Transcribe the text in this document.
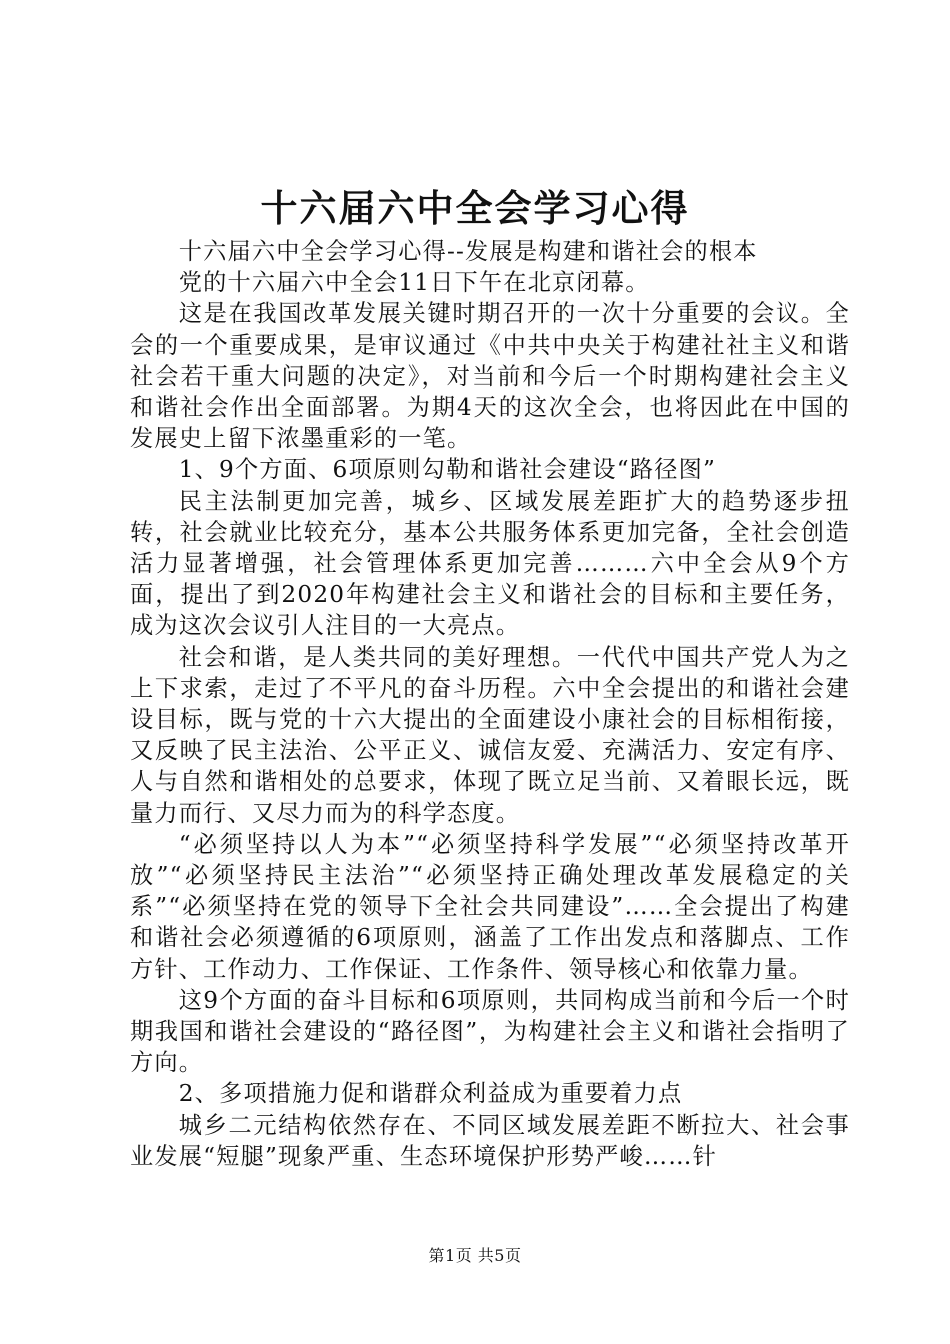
十六届六中全会学习心得

十六届六中全会学习心得--发展是构建和谐社会的根本

党的十六届六中全会11日下午在北京闭幕。

这是在我国改革发展关键时期召开的一次十分重要的会议。全会的一个重要成果，是审议通过《中共中央关于构建社社主义和谐社会若干重大问题的决定》，对当前和今后一个时期构建社会主义和谐社会作出全面部署。为期4天的这次全会，也将因此在中国的发展史上留下浓墨重彩的一笔。

1、9个方面、6项原则勾勒和谐社会建设“路径图”

民主法制更加完善，城乡、区域发展差距扩大的趋势逐步扭转，社会就业比较充分，基本公共服务体系更加完备，全社会创造活力显著增强，社会管理体系更加完善………六中全会从9个方面，提出了到2020年构建社会主义和谐社会的目标和主要任务，成为这次会议引人注目的一大亮点。

社会和谐，是人类共同的美好理想。一代代中国共产党人为之上下求索，走过了不平凡的奋斗历程。六中全会提出的和谐社会建设目标，既与党的十六大提出的全面建设小康社会的目标相衔接，又反映了民主法治、公平正义、诚信友爱、充满活力、安定有序、人与自然和谐相处的总要求，体现了既立足当前、又着眼长远，既量力而行、又尽力而为的科学态度。

“必须坚持以人为本”“必须坚持科学发展”“必须坚持改革开放”“必须坚持民主法治”“必须坚持正确处理改革发展稳定的关系”“必须坚持在党的领导下全社会共同建设”……全会提出了构建和谐社会必须遵循的6项原则，涵盖了工作出发点和落脚点、工作方针、工作动力、工作保证、工作条件、领导核心和依靠力量。

这9个方面的奋斗目标和6项原则，共同构成当前和今后一个时期我国和谐社会建设的“路径图”，为构建社会主义和谐社会指明了方向。

2、多项措施力促和谐群众利益成为重要着力点

城乡二元结构依然存在、不同区域发展差距不断拉大、社会事业发展“短腿”现象严重、生态环境保护形势严峻……针

第1页 共5页
